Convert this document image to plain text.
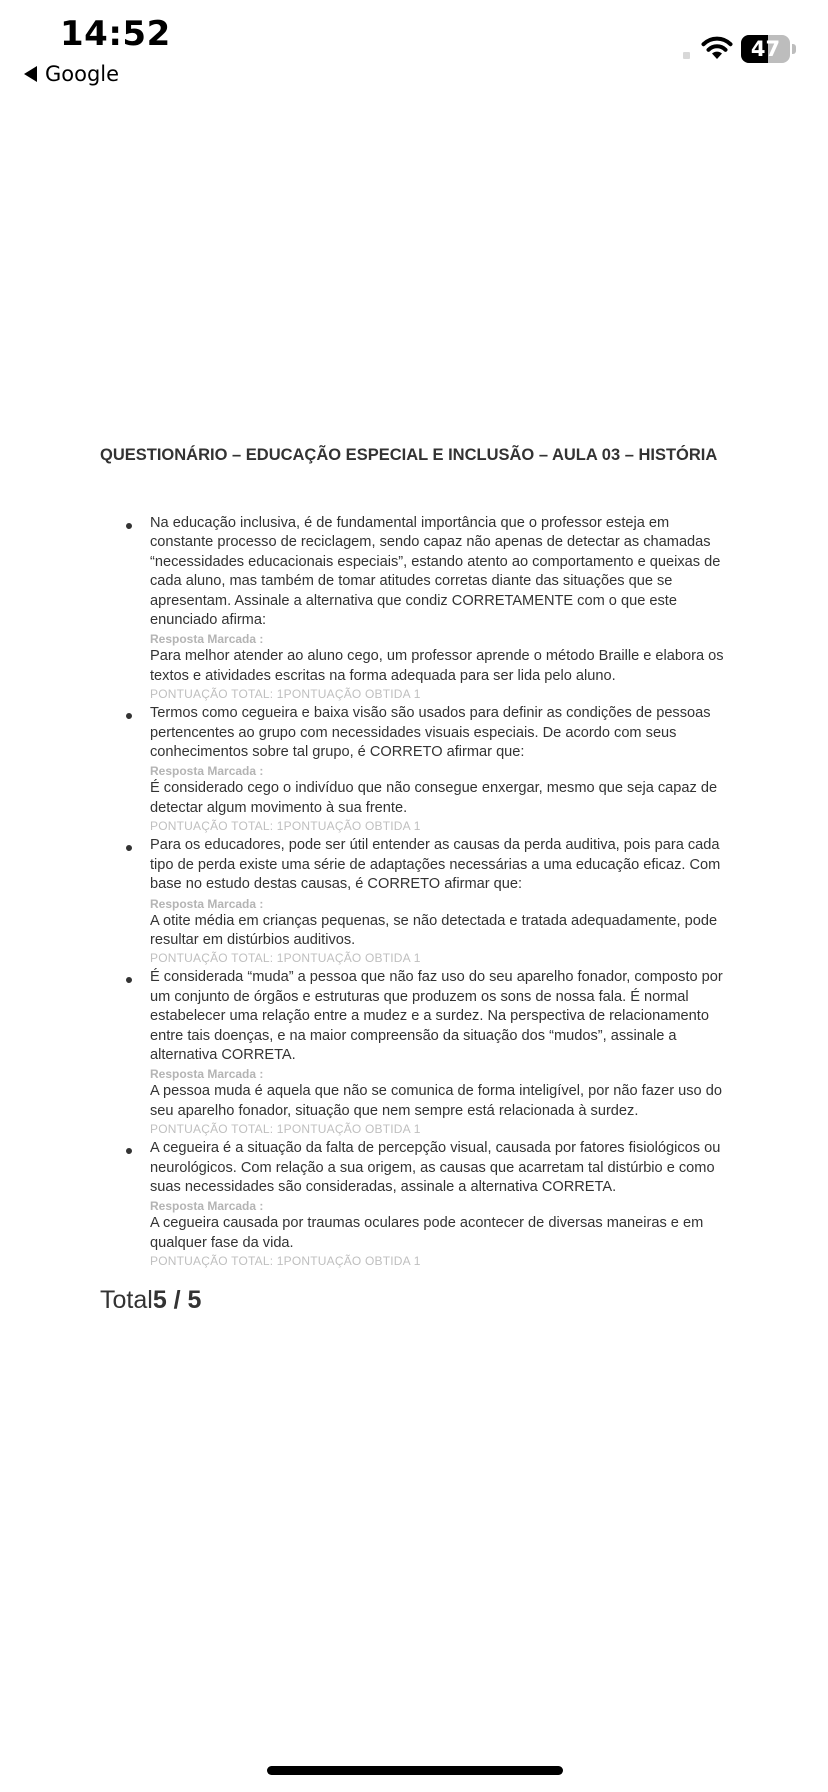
14:52
Google
47
QUESTIONÁRIO – EDUCAÇÃO ESPECIAL E INCLUSÃO – AULA 03 – HISTÓRIA

Na educação inclusiva, é de fundamental importância que o professor esteja em constante processo de reciclagem, sendo capaz não apenas de detectar as chamadas “necessidades educacionais especiais”, estando atento ao comportamento e queixas de cada aluno, mas também de tomar atitudes corretas diante das situações que se apresentam. Assinale a alternativa que condiz CORRETAMENTE com o que este enunciado afirma:

Resposta Marcada :

Para melhor atender ao aluno cego, um professor aprende o método Braille e elabora os textos e atividades escritas na forma adequada para ser lida pelo aluno.

PONTUAÇÃO TOTAL: 1PONTUAÇÃO OBTIDA 1

Termos como cegueira e baixa visão são usados para definir as condições de pessoas pertencentes ao grupo com necessidades visuais especiais. De acordo com seus conhecimentos sobre tal grupo, é CORRETO afirmar que:

Resposta Marcada :

É considerado cego o indivíduo que não consegue enxergar, mesmo que seja capaz de detectar algum movimento à sua frente.

PONTUAÇÃO TOTAL: 1PONTUAÇÃO OBTIDA 1

Para os educadores, pode ser útil entender as causas da perda auditiva, pois para cada tipo de perda existe uma série de adaptações necessárias a uma educação eficaz. Com base no estudo destas causas, é CORRETO afirmar que:

Resposta Marcada :

A otite média em crianças pequenas, se não detectada e tratada adequadamente, pode resultar em distúrbios auditivos.

PONTUAÇÃO TOTAL: 1PONTUAÇÃO OBTIDA 1

É considerada “muda” a pessoa que não faz uso do seu aparelho fonador, composto por um conjunto de órgãos e estruturas que produzem os sons de nossa fala. É normal estabelecer uma relação entre a mudez e a surdez. Na perspectiva de relacionamento entre tais doenças, e na maior compreensão da situação dos “mudos”, assinale a alternativa CORRETA.

Resposta Marcada :

A pessoa muda é aquela que não se comunica de forma inteligível, por não fazer uso do seu aparelho fonador, situação que nem sempre está relacionada à surdez.

PONTUAÇÃO TOTAL: 1PONTUAÇÃO OBTIDA 1

A cegueira é a situação da falta de percepção visual, causada por fatores fisiológicos ou neurológicos. Com relação a sua origem, as causas que acarretam tal distúrbio e como suas necessidades são consideradas, assinale a alternativa CORRETA.

Resposta Marcada :

A cegueira causada por traumas oculares pode acontecer de diversas maneiras e em qualquer fase da vida.

PONTUAÇÃO TOTAL: 1PONTUAÇÃO OBTIDA 1

Total5 / 5
